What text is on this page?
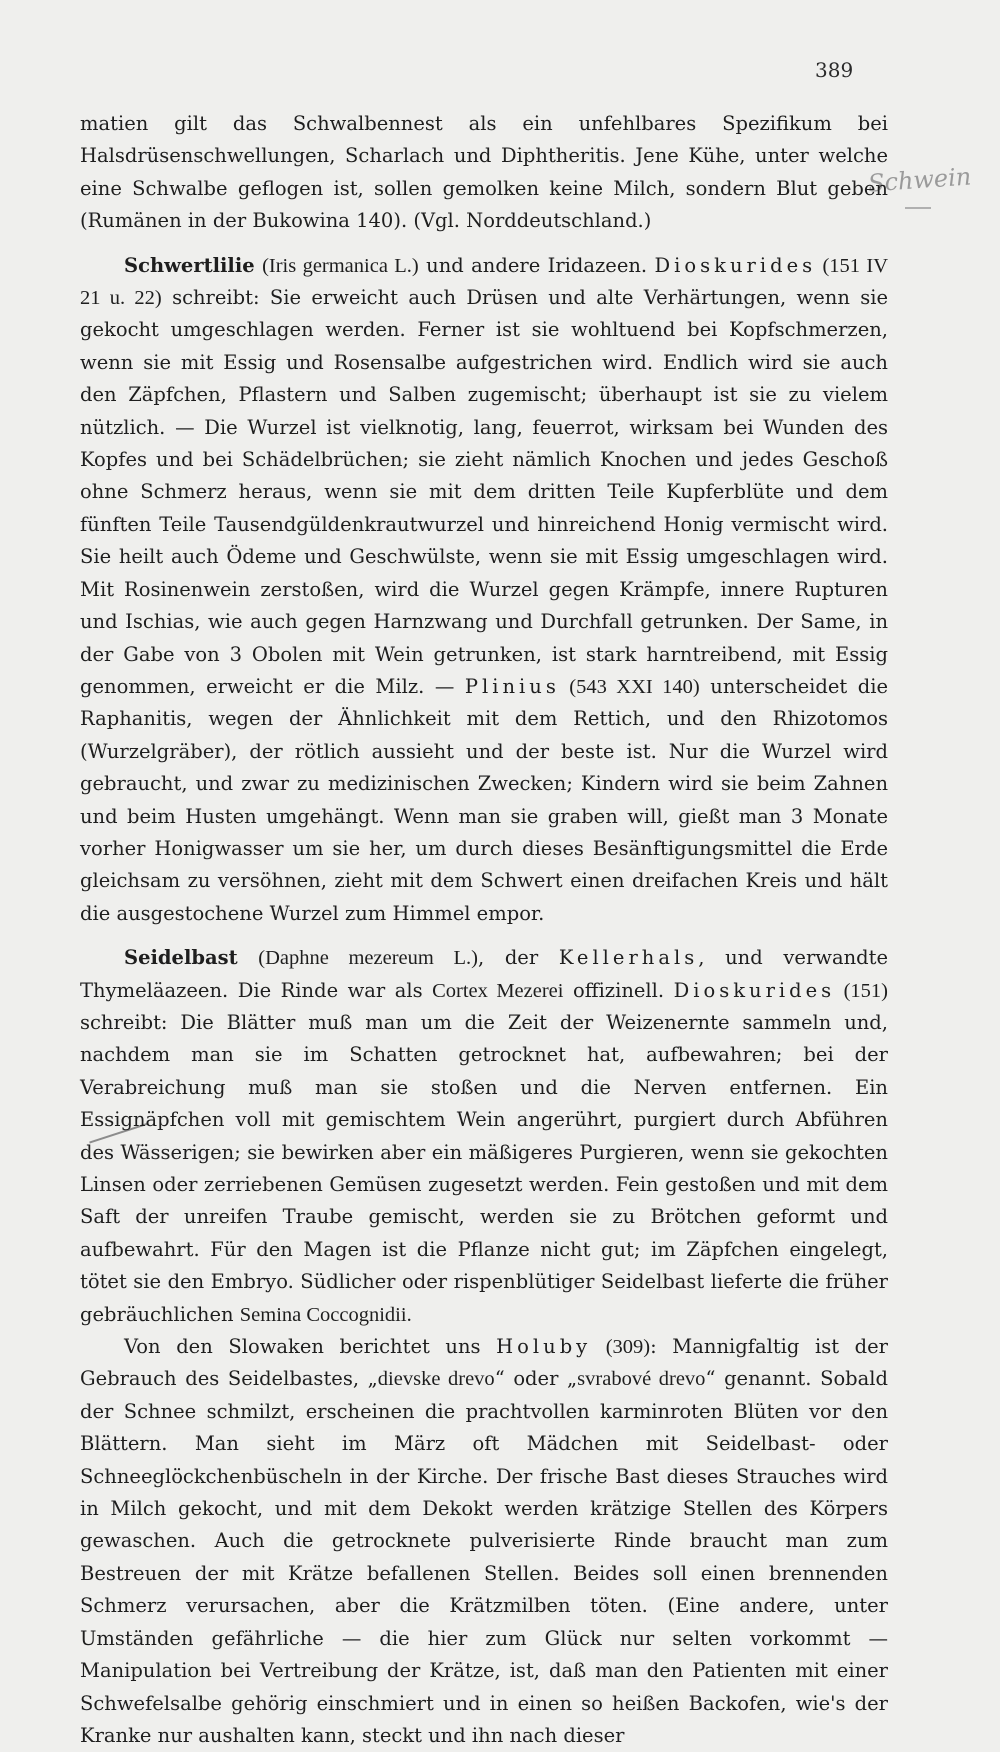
389
Schwein

matien gilt das Schwalbennest als ein unfehlbares Spezifikum bei Halsdrüsenschwellungen, Scharlach und Diphtheritis. Jene Kühe, unter welche eine Schwalbe geflogen ist, sollen gemolken keine Milch, sondern Blut geben (Rumänen in der Bukowina 140). (Vgl. Norddeutschland.)

Schwertlilie (Iris germanica L.) und andere Iridazeen. Dioskurides (151 IV 21 u. 22) schreibt: Sie erweicht auch Drüsen und alte Verhärtungen, wenn sie gekocht umgeschlagen werden. Ferner ist sie wohltuend bei Kopfschmerzen, wenn sie mit Essig und Rosensalbe aufgestrichen wird. Endlich wird sie auch den Zäpfchen, Pflastern und Salben zugemischt; überhaupt ist sie zu vielem nützlich. — Die Wurzel ist vielknotig, lang, feuerrot, wirksam bei Wunden des Kopfes und bei Schädelbrüchen; sie zieht nämlich Knochen und jedes Geschoß ohne Schmerz heraus, wenn sie mit dem dritten Teile Kupferblüte und dem fünften Teile Tausendgüldenkrautwurzel und hinreichend Honig vermischt wird. Sie heilt auch Ödeme und Geschwülste, wenn sie mit Essig umgeschlagen wird. Mit Rosinenwein zerstoßen, wird die Wurzel gegen Krämpfe, innere Rupturen und Ischias, wie auch gegen Harnzwang und Durchfall getrunken. Der Same, in der Gabe von 3 Obolen mit Wein getrunken, ist stark harntreibend, mit Essig genommen, erweicht er die Milz. — Plinius (543 XXI 140) unterscheidet die Raphanitis, wegen der Ähnlichkeit mit dem Rettich, und den Rhizotomos (Wurzelgräber), der rötlich aussieht und der beste ist. Nur die Wurzel wird gebraucht, und zwar zu medizinischen Zwecken; Kindern wird sie beim Zahnen und beim Husten umgehängt. Wenn man sie graben will, gießt man 3 Monate vorher Honigwasser um sie her, um durch dieses Besänftigungsmittel die Erde gleichsam zu versöhnen, zieht mit dem Schwert einen dreifachen Kreis und hält die ausgestochene Wurzel zum Himmel empor.

Seidelbast (Daphne mezereum L.), der Kellerhals, und verwandte Thymeläazeen. Die Rinde war als Cortex Mezerei offizinell. Dioskurides (151) schreibt: Die Blätter muß man um die Zeit der Weizenernte sammeln und, nachdem man sie im Schatten getrocknet hat, aufbewahren; bei der Verabreichung muß man sie stoßen und die Nerven entfernen. Ein Essignäpfchen voll mit gemischtem Wein angerührt, purgiert durch Abführen des Wässerigen; sie bewirken aber ein mäßigeres Purgieren, wenn sie gekochten Linsen oder zerriebenen Gemüsen zugesetzt werden. Fein gestoßen und mit dem Saft der unreifen Traube gemischt, werden sie zu Brötchen geformt und aufbewahrt. Für den Magen ist die Pflanze nicht gut; im Zäpfchen eingelegt, tötet sie den Embryo. Südlicher oder rispenblütiger Seidelbast lieferte die früher gebräuchlichen Semina Coccognidii.

Von den Slowaken berichtet uns Holuby (309): Mannigfaltig ist der Gebrauch des Seidelbastes, „dievske drevo“ oder „svrabové drevo“ genannt. Sobald der Schnee schmilzt, erscheinen die prachtvollen karminroten Blüten vor den Blättern. Man sieht im März oft Mädchen mit Seidelbast- oder Schneeglöckchenbüscheln in der Kirche. Der frische Bast dieses Strauches wird in Milch gekocht, und mit dem Dekokt werden krätzige Stellen des Körpers gewaschen. Auch die getrocknete pulverisierte Rinde braucht man zum Bestreuen der mit Krätze befallenen Stellen. Beides soll einen brennenden Schmerz verursachen, aber die Krätzmilben töten. (Eine andere, unter Umständen gefährliche — die hier zum Glück nur selten vorkommt — Manipulation bei Vertreibung der Krätze, ist, daß man den Patienten mit einer Schwefelsalbe gehörig einschmiert und in einen so heißen Backofen, wie's der Kranke nur aushalten kann, steckt und ihn nach dieser
